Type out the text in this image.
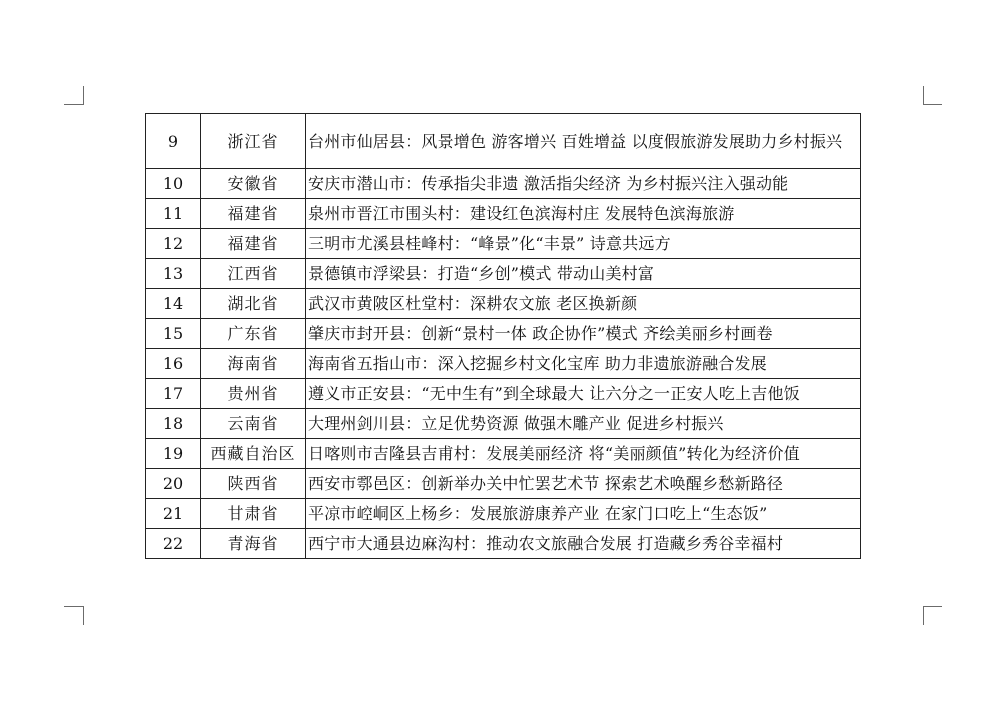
9	浙江省	台州市仙居县：风景增色 游客增兴 百姓增益 以度假旅游发展助力乡村振兴
10	安徽省	安庆市潜山市：传承指尖非遗 激活指尖经济 为乡村振兴注入强动能
11	福建省	泉州市晋江市围头村：建设红色滨海村庄 发展特色滨海旅游
12	福建省	三明市尤溪县桂峰村：“峰景”化“丰景” 诗意共远方
13	江西省	景德镇市浮梁县：打造“乡创”模式 带动山美村富
14	湖北省	武汉市黄陂区杜堂村：深耕农文旅 老区换新颜
15	广东省	肇庆市封开县：创新“景村一体 政企协作”模式 齐绘美丽乡村画卷
16	海南省	海南省五指山市：深入挖掘乡村文化宝库 助力非遗旅游融合发展
17	贵州省	遵义市正安县：“无中生有”到全球最大 让六分之一正安人吃上吉他饭
18	云南省	大理州剑川县：立足优势资源 做强木雕产业 促进乡村振兴
19	西藏自治区	日喀则市吉隆县吉甫村：发展美丽经济 将“美丽颜值”转化为经济价值
20	陕西省	西安市鄠邑区：创新举办关中忙罢艺术节 探索艺术唤醒乡愁新路径
21	甘肃省	平凉市崆峒区上杨乡：发展旅游康养产业 在家门口吃上“生态饭”
22	青海省	西宁市大通县边麻沟村：推动农文旅融合发展 打造藏乡秀谷幸福村
